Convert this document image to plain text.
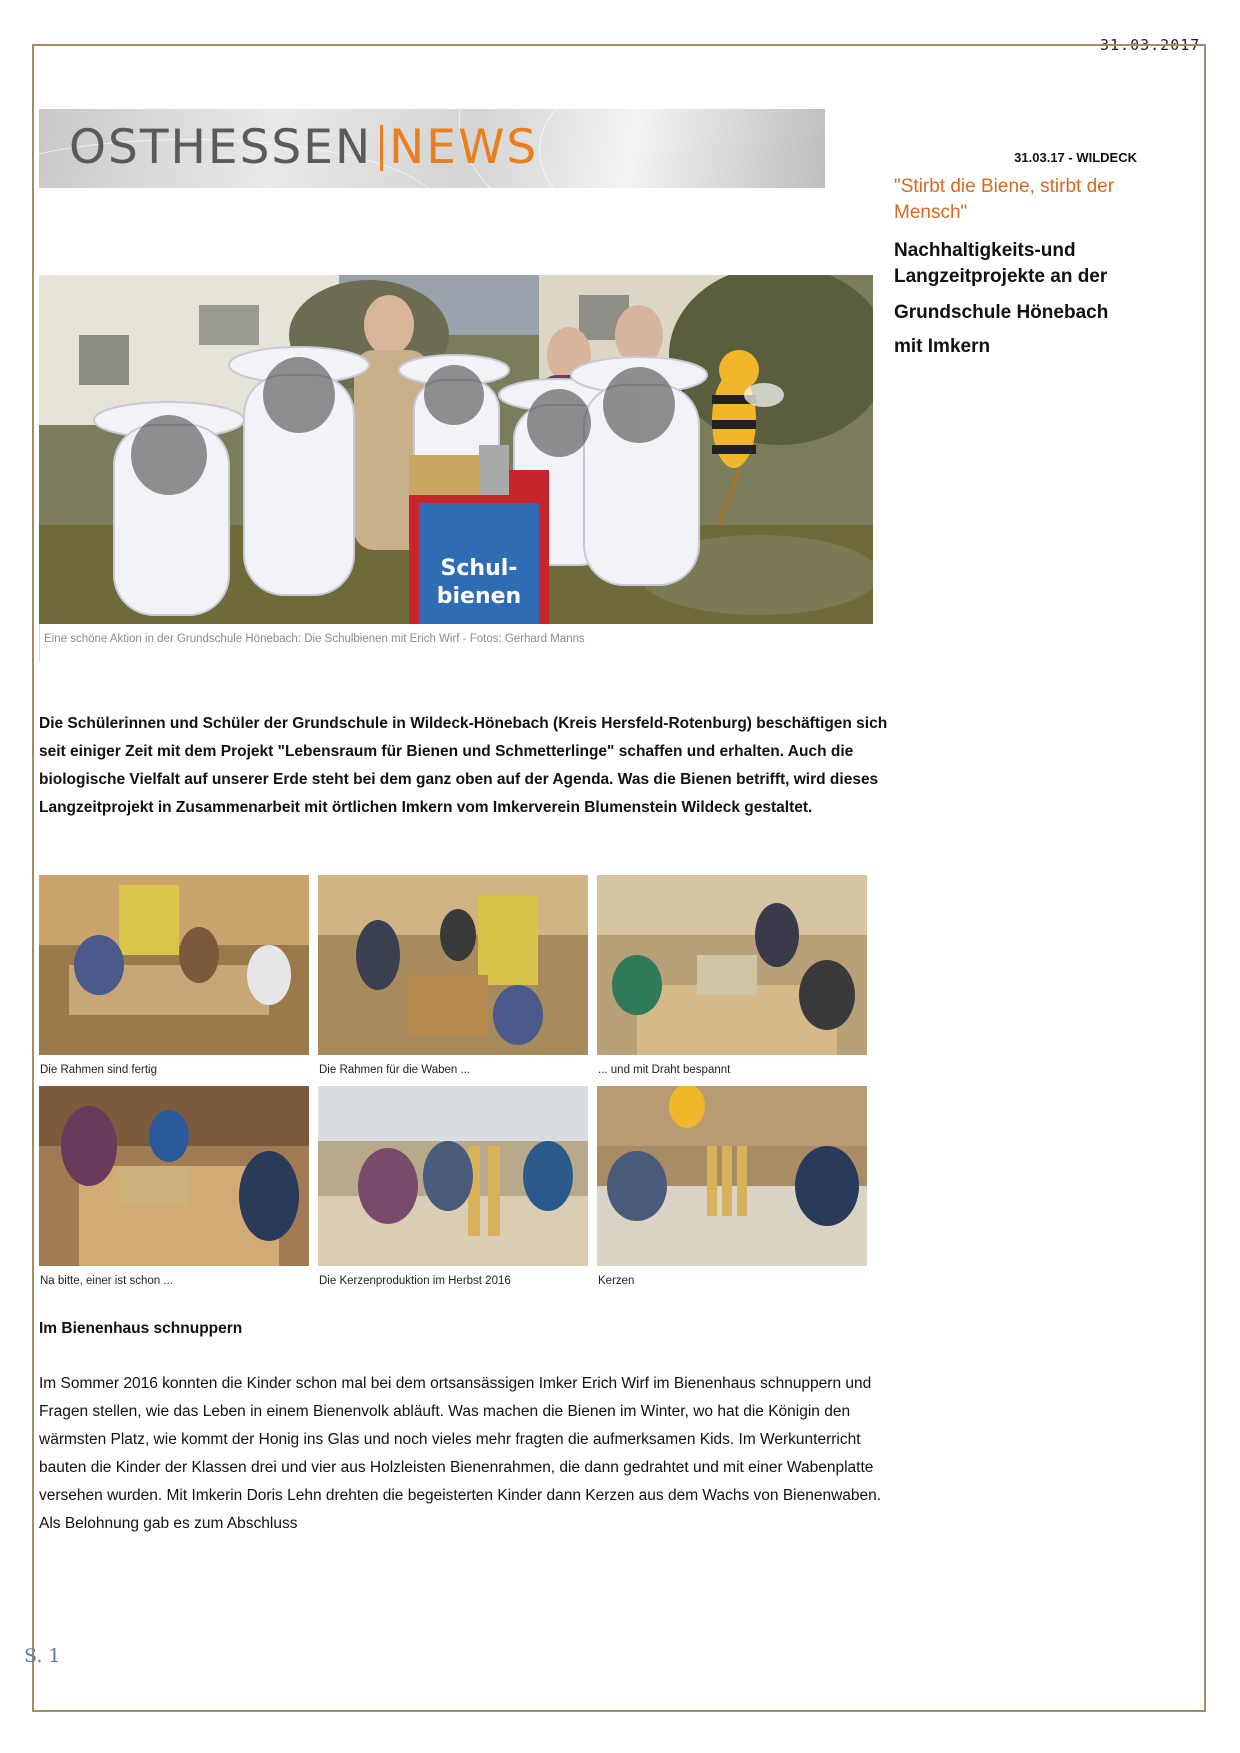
31.03.2017
OSTHESSEN NEWS	31.03.17 - WILDECK
"Stirbt die Biene, stirbt der Mensch"
Nachhaltigkeits-und Langzeitprojekte an der
Grundschule Hönebach
mit Imkern
Schul-
bienen
Eine schöne Aktion in der Grundschule Hönebach: Die Schulbienen mit Erich Wirf - Fotos: Gerhard Manns
Die Schülerinnen und Schüler der Grundschule in Wildeck-Hönebach (Kreis Hersfeld-Rotenburg) beschäftigen sich seit einiger Zeit mit dem Projekt "Lebensraum für Bienen und Schmetterlinge" schaffen und erhalten. Auch die biologische Vielfalt auf unserer Erde steht bei dem ganz oben auf der Agenda. Was die Bienen betrifft, wird dieses Langzeitprojekt in Zusammenarbeit mit örtlichen Imkern vom Imkerverein Blumenstein Wildeck gestaltet.
Die Rahmen sind fertig	Die Rahmen für die Waben ...	... und mit Draht bespannt
Na bitte, einer ist schon ...	Die Kerzenproduktion im Herbst 2016	Kerzen
Im Bienenhaus schnuppern
Im Sommer 2016 konnten die Kinder schon mal bei dem ortsansässigen Imker Erich Wirf im Bienenhaus schnuppern und Fragen stellen, wie das Leben in einem Bienenvolk abläuft. Was machen die Bienen im Winter, wo hat die Königin den wärmsten Platz, wie kommt der Honig ins Glas und noch vieles mehr fragten die aufmerksamen Kids. Im Werkunterricht bauten die Kinder der Klassen drei und vier aus Holzleisten Bienenrahmen, die dann gedrahtet und mit einer Wabenplatte versehen wurden. Mit Imkerin Doris Lehn drehten die begeisterten Kinder dann Kerzen aus dem Wachs von Bienenwaben. Als Belohnung gab es zum Abschluss
S. 1
